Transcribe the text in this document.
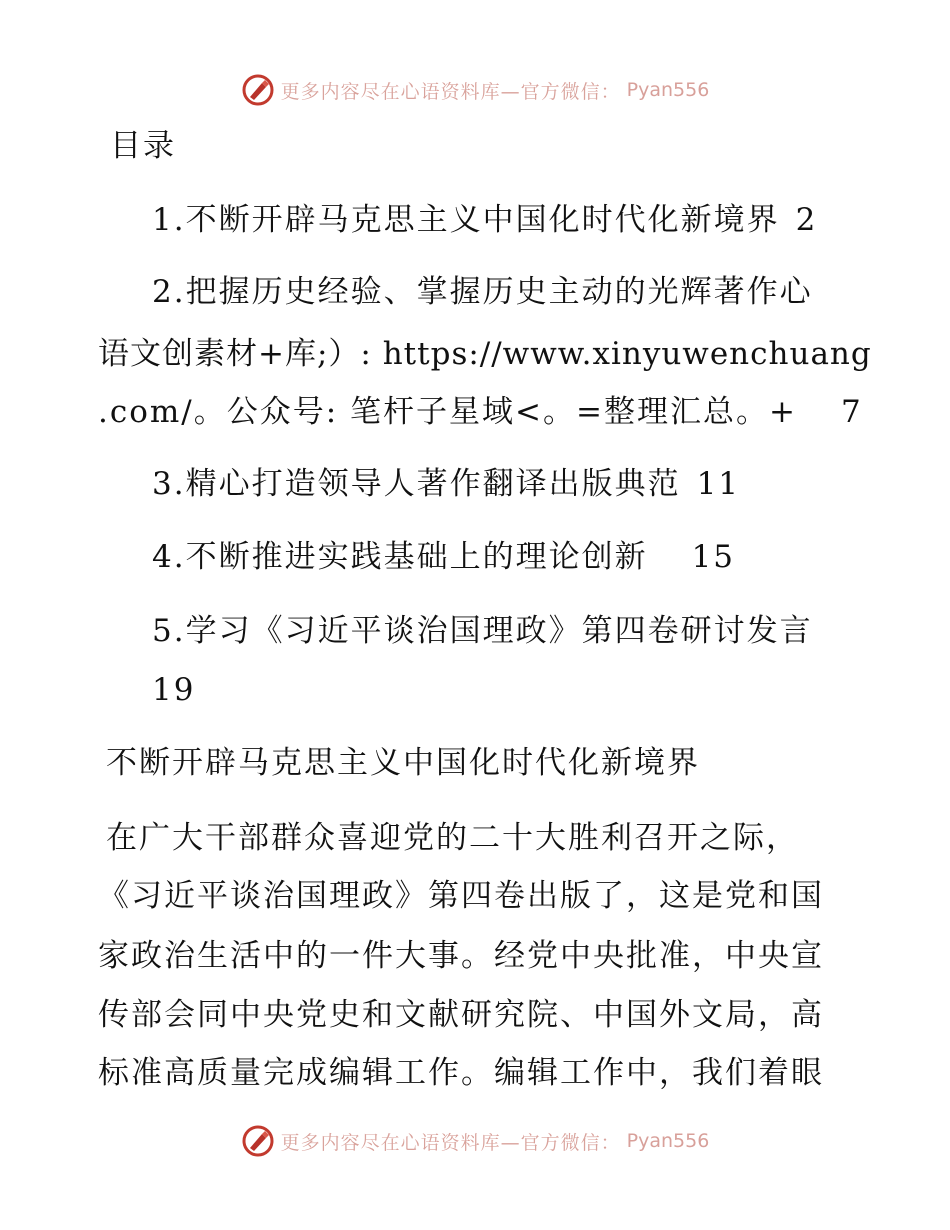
更多内容尽在心语资料库—官方微信： Pyan556
目录
1.不断开辟马克思主义中国化时代化新境界 2
2.把握历史经验、掌握历史主动的光辉著作心
语文创素材+库;）: https://www.xinyuwenchuang
.com/。公众号: 笔杆子星域<。=整理汇总。+ 7
3.精心打造领导人著作翻译出版典范 11
4.不断推进实践基础上的理论创新 15
5.学习《习近平谈治国理政》第四卷研讨发言
19
不断开辟马克思主义中国化时代化新境界
在广大干部群众喜迎党的二十大胜利召开之际，
《习近平谈治国理政》第四卷出版了，这是党和国
家政治生活中的一件大事。经党中央批准，中央宣
传部会同中央党史和文献研究院、中国外文局，高
标准高质量完成编辑工作。编辑工作中，我们着眼
更多内容尽在心语资料库—官方微信： Pyan556
